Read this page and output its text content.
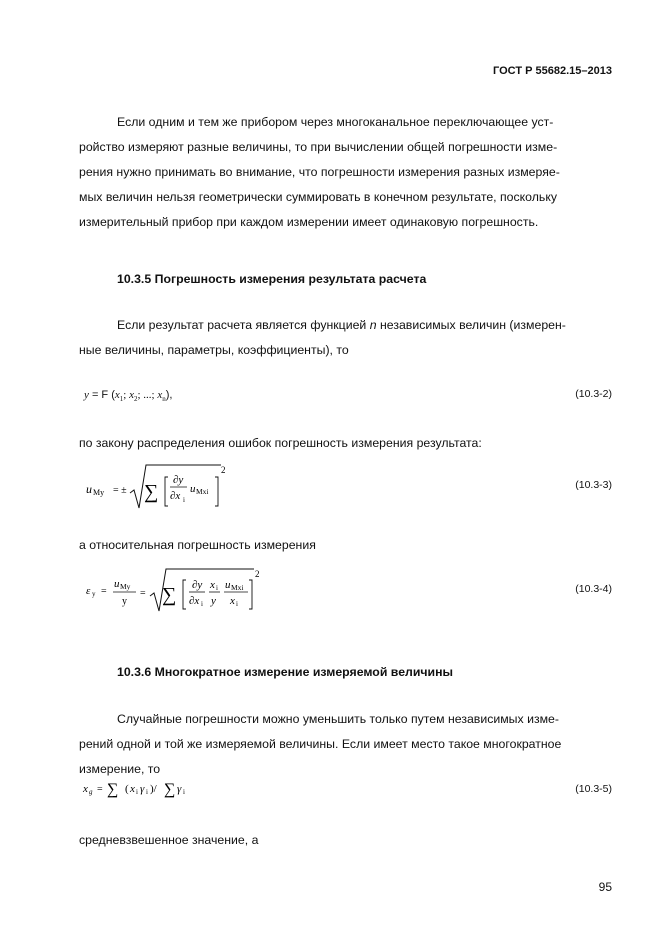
ГОСТ Р 55682.15–2013
Если одним и тем же прибором через многоканальное переключающее уст-
ройство измеряют разные величины, то при вычислении общей погрешности изме-
рения нужно принимать во внимание, что погрешности измерения разных измеряе-
мых величин нельзя геометрически суммировать в конечном результате, поскольку
измерительный прибор при каждом измерении имеет одинаковую погрешность.
10.3.5 Погрешность измерения результата расчета
Если результат расчета является функцией n независимых величин (измерен-
ные величины, параметры, коэффициенты), то
y = F ($x_1$; $x_2$; ...; $x_n$),	(10.3-2)
по закону распределения ошибок погрешность измерения результата:
u My = ± ∑
∂y
∂x i
u Mxi
2
(10.3-3)
а относительная погрешность измерения
ε y =
u My
y
= ∑ ∂y
∂x i
x i
y
u Mxi
x i
2
(10.3-4)
10.3.6 Многократное измерение измеряемой величины
Случайные погрешности можно уменьшить только путем независимых изме-
рений одной и той же измеряемой величины. Если имеет место такое многократное
измерение, то
x g = ∑ ( x i γ i )/ ∑ γ i	(10.3-5)
средневзвешенное значение, а
95
